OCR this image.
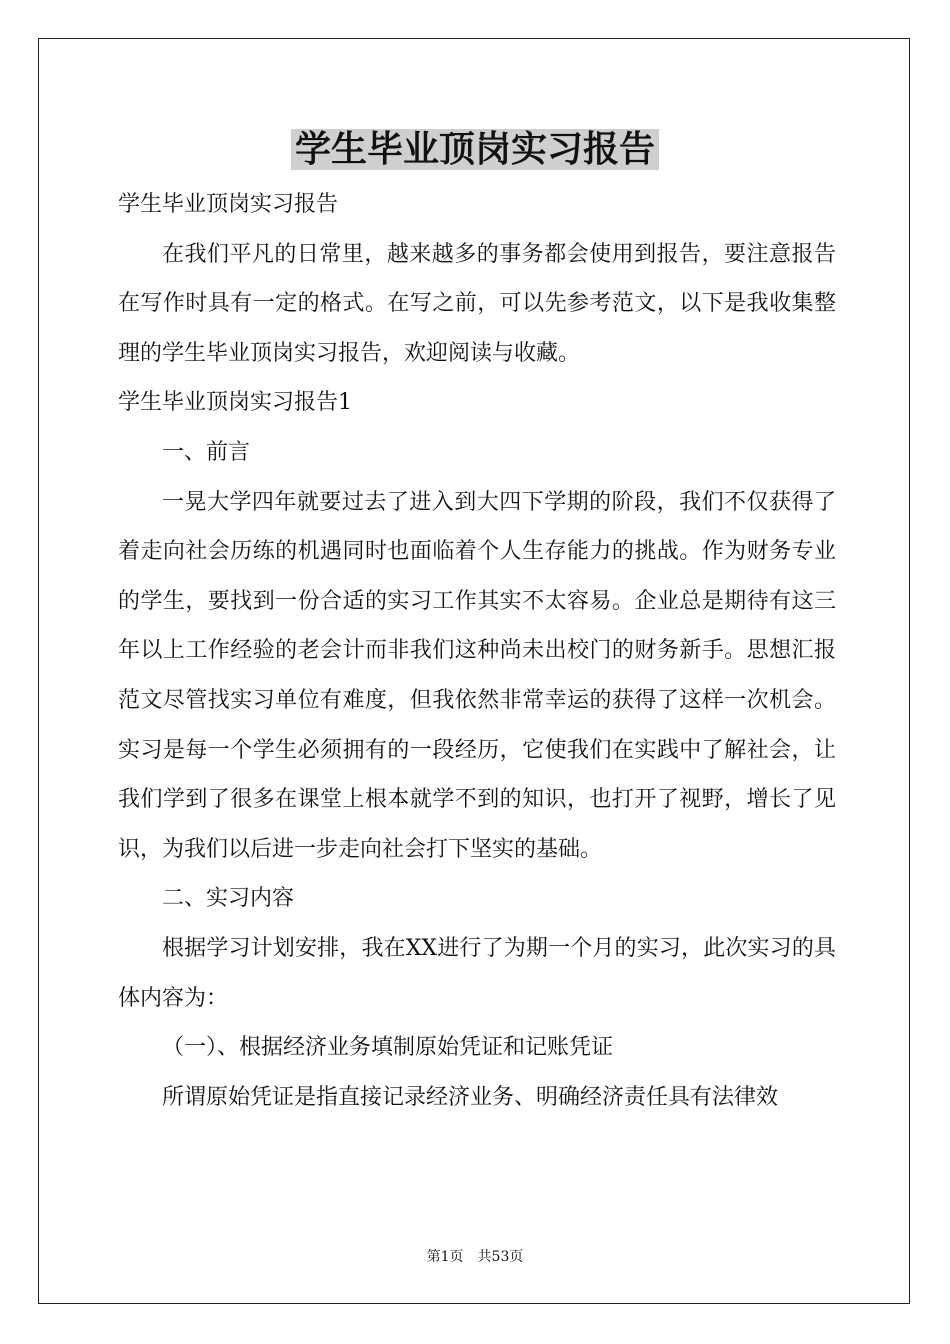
学生毕业顶岗实习报告

学生毕业顶岗实习报告

在我们平凡的日常里，越来越多的事务都会使用到报告，要注意报告在写作时具有一定的格式。在写之前，可以先参考范文，以下是我收集整理的学生毕业顶岗实习报告，欢迎阅读与收藏。

学生毕业顶岗实习报告1

一、前言

一晃大学四年就要过去了进入到大四下学期的阶段，我们不仅获得了着走向社会历练的机遇同时也面临着个人生存能力的挑战。作为财务专业的学生，要找到一份合适的实习工作其实不太容易。企业总是期待有这三年以上工作经验的老会计而非我们这种尚未出校门的财务新手。思想汇报范文尽管找实习单位有难度，但我依然非常幸运的获得了这样一次机会。实习是每一个学生必须拥有的一段经历，它使我们在实践中了解社会，让我们学到了很多在课堂上根本就学不到的知识，也打开了视野，增长了见识，为我们以后进一步走向社会打下坚实的基础。

二、实习内容

根据学习计划安排，我在XX进行了为期一个月的实习，此次实习的具体内容为：

（一）、根据经济业务填制原始凭证和记账凭证

所谓原始凭证是指直接记录经济业务、明确经济责任具有法律效

第1页　共53页
